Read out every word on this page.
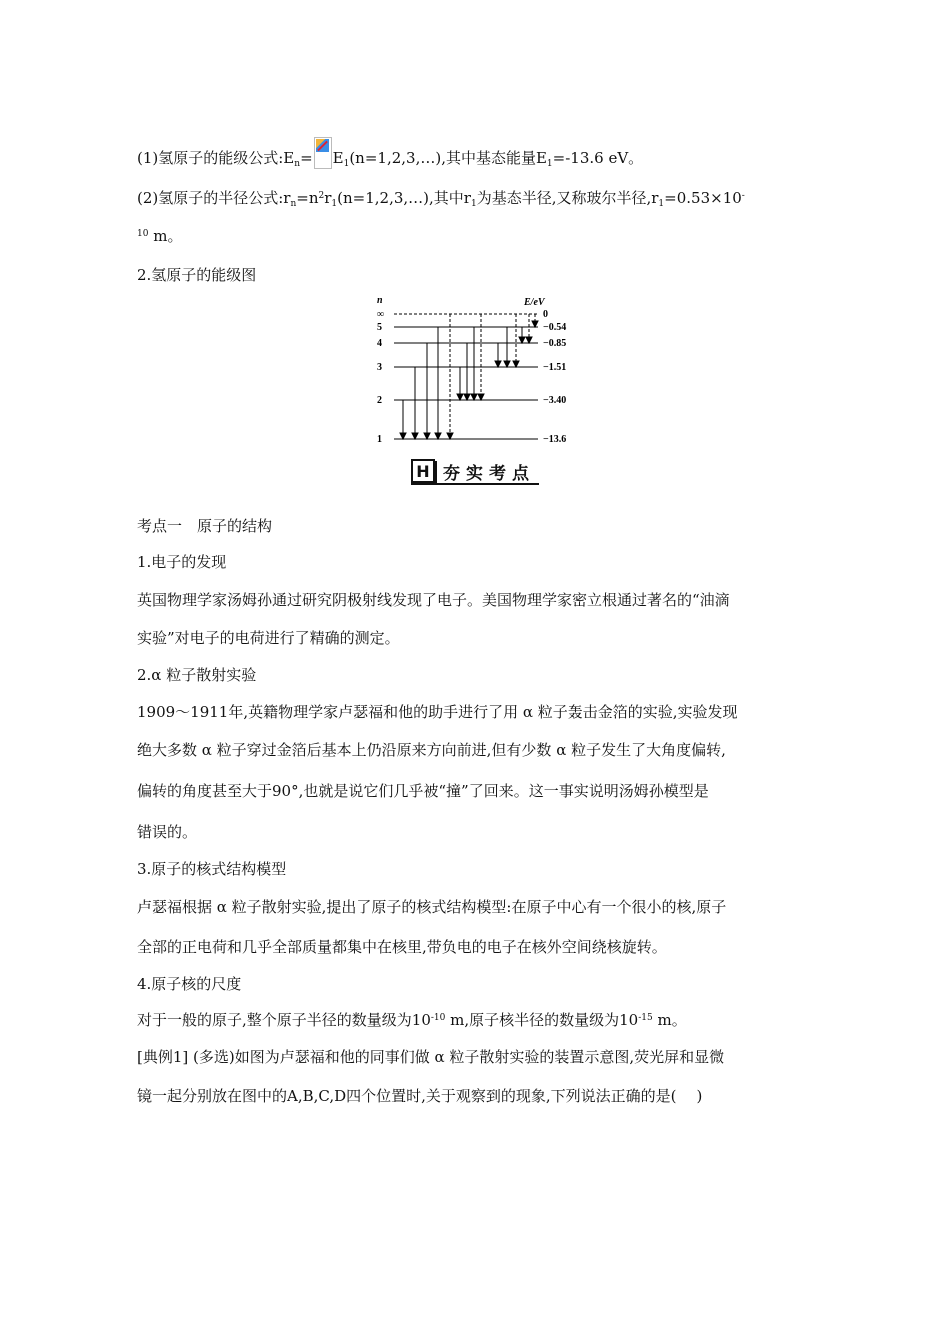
(1)氢原子的能级公式$:E_n=$ $E_1(n=1,2,3,\dots)$,其中基态能量$E_1=-13.6$ eV。

(2)氢原子的半径公式$:r_n=n^2r_1(n=1,2,3,\dots)$,其中$r_1$为基态半径,又称玻尔半径$,r_1=0.53\times 10^-$

$^{10}$ m。

2.氢原子的能级图

n	E/eV
∞
5
4
3
2
1
0
−0.54
−0.85
−1.51
−3.40
−13.6
H 夯实考点

考点一　原子的结构

1.电子的发现

英国物理学家汤姆孙通过研究阴极射线发现了电子。美国物理学家密立根通过著名的“油滴

实验”对电子的电荷进行了精确的测定。

2.α 粒子散射实验

1909～1911年,英籍物理学家卢瑟福和他的助手进行了用 α 粒子轰击金箔的实验,实验发现

绝大多数 α 粒子穿过金箔后基本上仍沿原来方向前进,但有少数 α 粒子发生了大角度偏转,

偏转的角度甚至大于90°,也就是说它们几乎被“撞”了回来。这一事实说明汤姆孙模型是

错误的。

3.原子的核式结构模型

卢瑟福根据 α 粒子散射实验,提出了原子的核式结构模型:在原子中心有一个很小的核,原子

全部的正电荷和几乎全部质量都集中在核里,带负电的电子在核外空间绕核旋转。

4.原子核的尺度

对于一般的原子,整个原子半径的数量级为$10^{-10}$ m,原子核半径的数量级为$10^{-15}$ m。

[典例1] (多选)如图为卢瑟福和他的同事们做 α 粒子散射实验的装置示意图,荧光屏和显微

镜一起分别放在图中的A,B,C,D四个位置时,关于观察到的现象,下列说法正确的是( )
